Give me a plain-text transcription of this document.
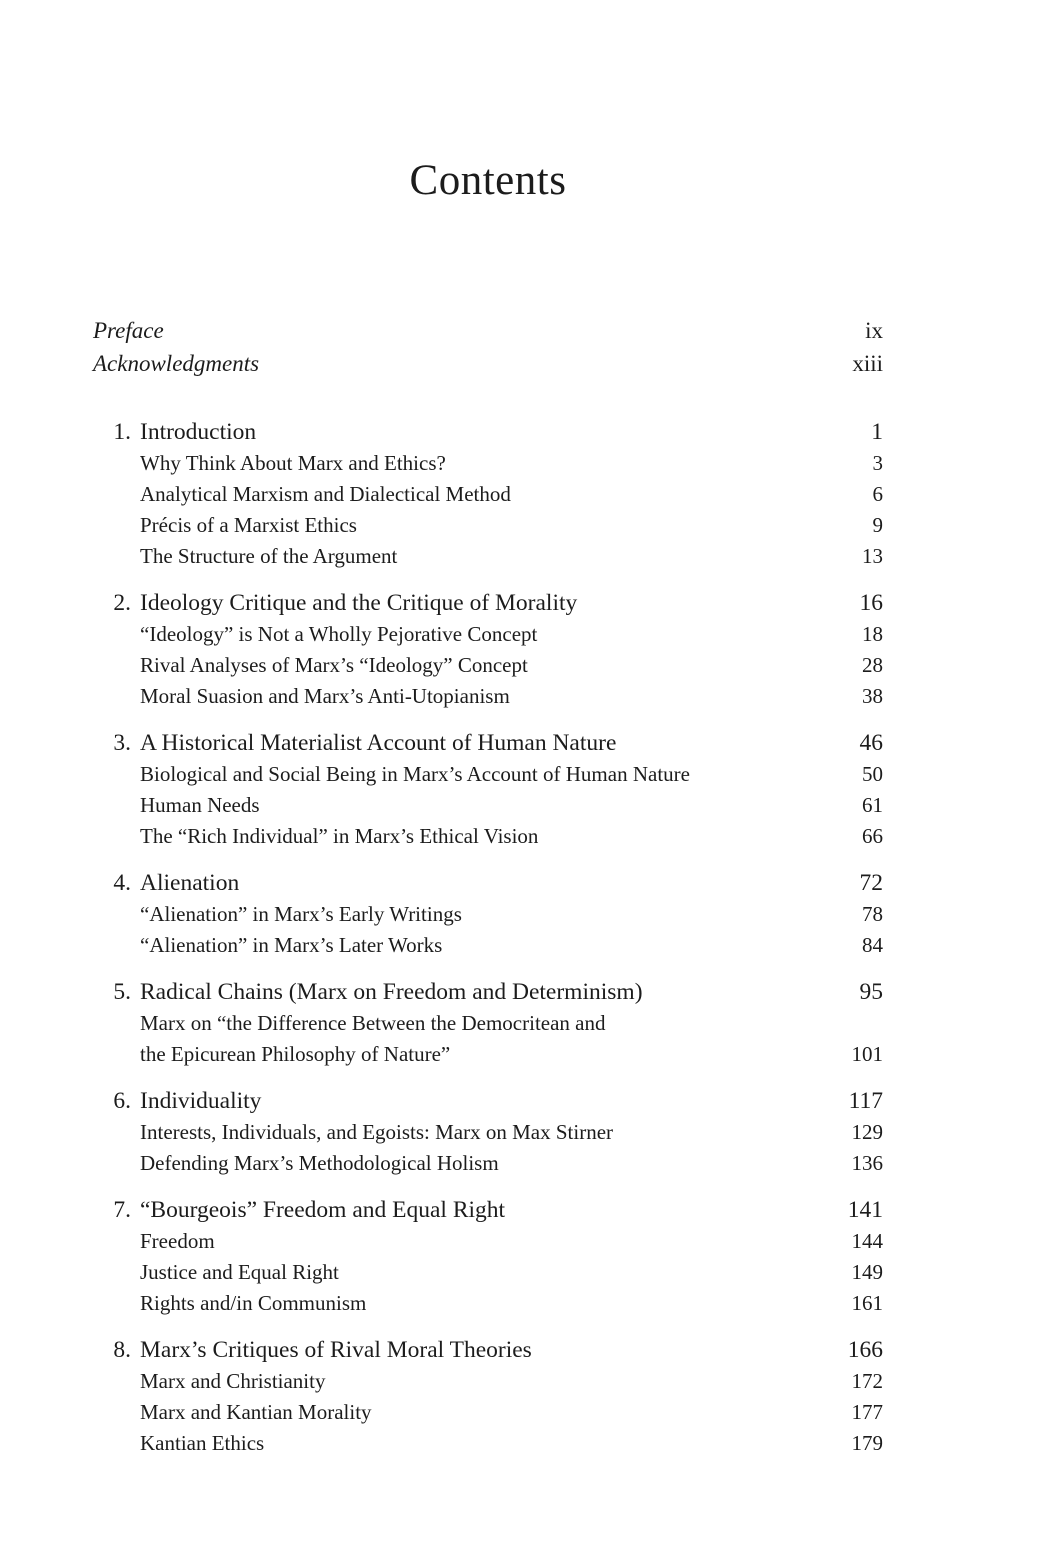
Contents
Preface	ix
Acknowledgments	xiii
1. Introduction	1
Why Think About Marx and Ethics?	3
Analytical Marxism and Dialectical Method	6
Précis of a Marxist Ethics	9
The Structure of the Argument	13
2. Ideology Critique and the Critique of Morality	16
“Ideology” is Not a Wholly Pejorative Concept	18
Rival Analyses of Marx’s “Ideology” Concept	28
Moral Suasion and Marx’s Anti-Utopianism	38
3. A Historical Materialist Account of Human Nature	46
Biological and Social Being in Marx’s Account of Human Nature	50
Human Needs	61
The “Rich Individual” in Marx’s Ethical Vision	66
4. Alienation	72
“Alienation” in Marx’s Early Writings	78
“Alienation” in Marx’s Later Works	84
5. Radical Chains (Marx on Freedom and Determinism)	95
Marx on “the Difference Between the Democritean and
the Epicurean Philosophy of Nature”	101
6. Individuality	117
Interests, Individuals, and Egoists: Marx on Max Stirner	129
Defending Marx’s Methodological Holism	136
7. “Bourgeois” Freedom and Equal Right	141
Freedom	144
Justice and Equal Right	149
Rights and/in Communism	161
8. Marx’s Critiques of Rival Moral Theories	166
Marx and Christianity	172
Marx and Kantian Morality	177
Kantian Ethics	179
